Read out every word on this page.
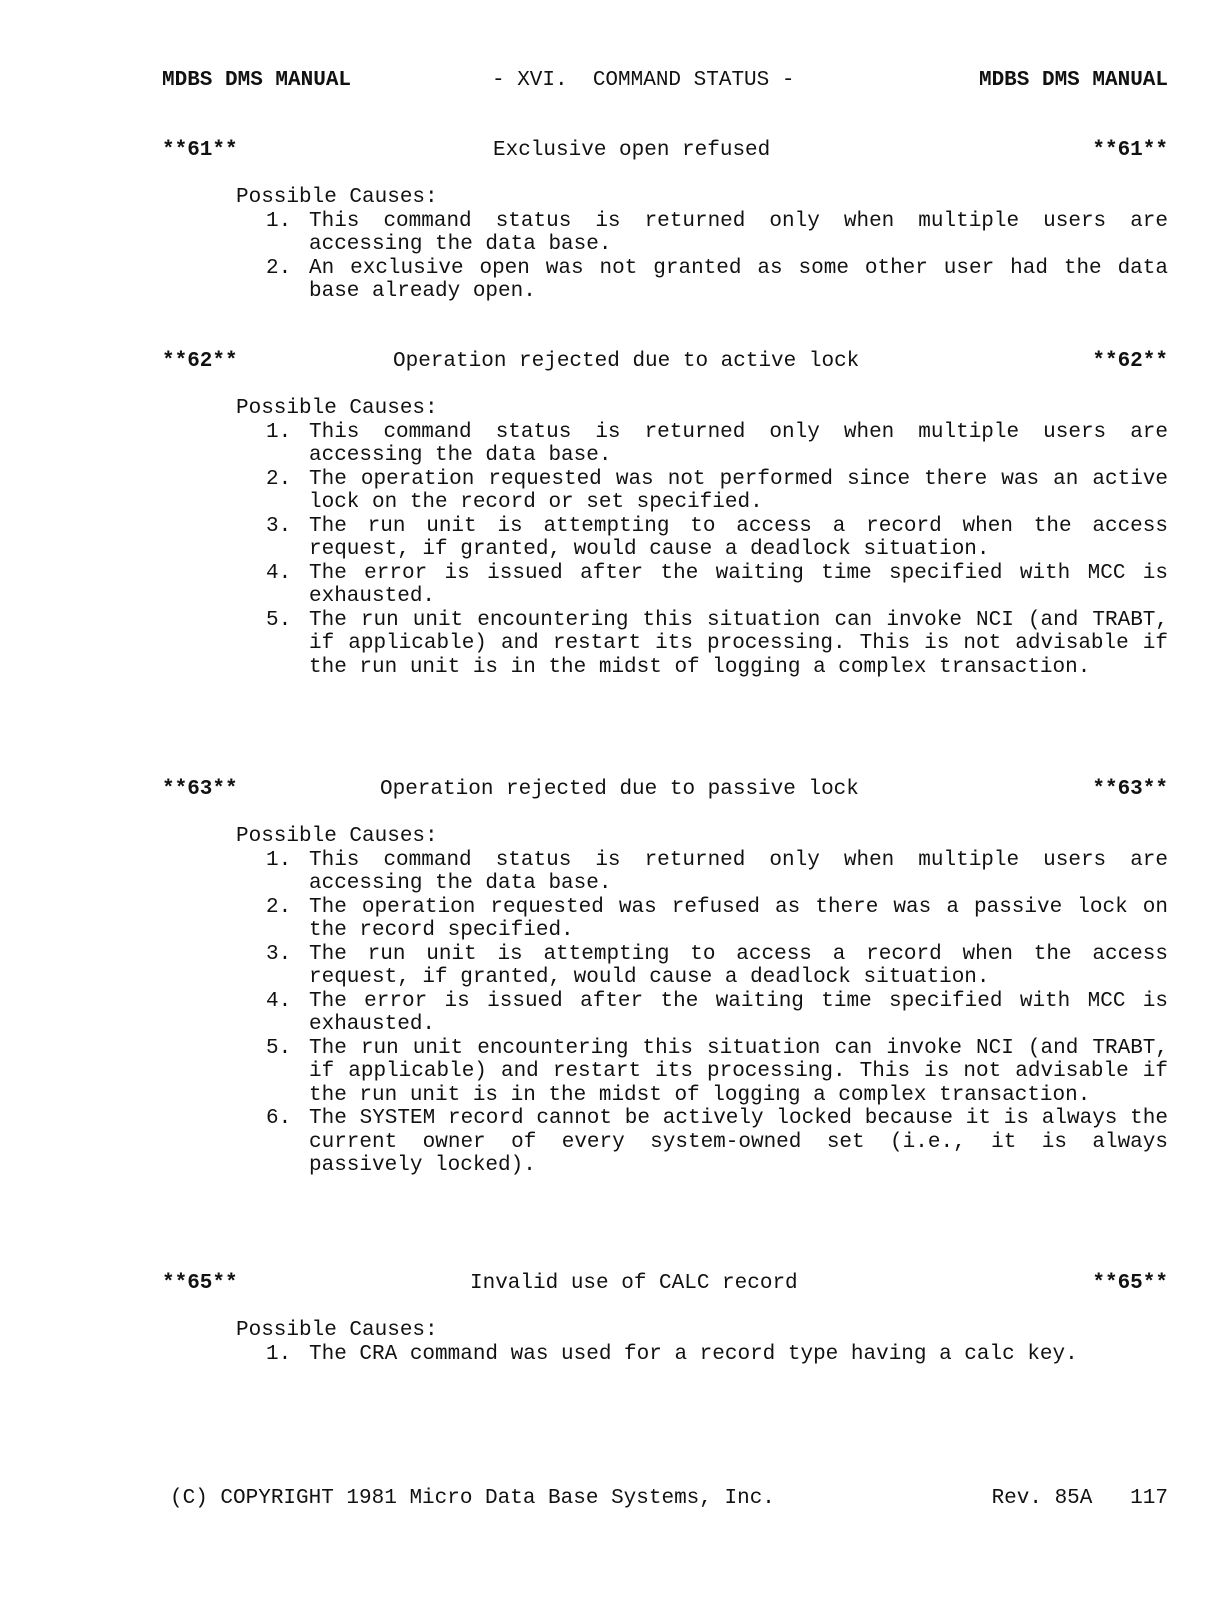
MDBS DMS MANUAL

	- XVI.  COMMAND STATUS -

	MDBS DMS MANUAL

**61**

	Exclusive open refused

	**61**

Possible Causes:
1. This command status is returned only when multiple users are accessing the data base.
2. An exclusive open was not granted as some other user had the data base already open.

**62**

	Operation rejected due to active lock

	**62**

Possible Causes:
1. This command status is returned only when multiple users are accessing the data base.
2. The operation requested was not performed since there was an active lock on the record or set specified.
3. The run unit is attempting to access a record when the access request, if granted, would cause a deadlock situation.
4. The error is issued after the waiting time specified with MCC is exhausted.
5. The run unit encountering this situation can invoke NCI (and TRABT, if applicable) and restart its processing. This is not advisable if the run unit is in the midst of logging a complex transaction.

**63**

	Operation rejected due to passive lock

	**63**

Possible Causes:
1. This command status is returned only when multiple users are accessing the data base.
2. The operation requested was refused as there was a passive lock on the record specified.
3. The run unit is attempting to access a record when the access request, if granted, would cause a deadlock situation.
4. The error is issued after the waiting time specified with MCC is exhausted.
5. The run unit encountering this situation can invoke NCI (and TRABT, if applicable) and restart its processing. This is not advisable if the run unit is in the midst of logging a complex transaction.
6. The SYSTEM record cannot be actively locked because it is always the current owner of every system-owned set (i.e., it is always passively locked).

**65**

	Invalid use of CALC record

	**65**

Possible Causes:
1. The CRA command was used for a record type having a calc key.

(C) COPYRIGHT 1981 Micro Data Base Systems, Inc.

	Rev. 85A   117
